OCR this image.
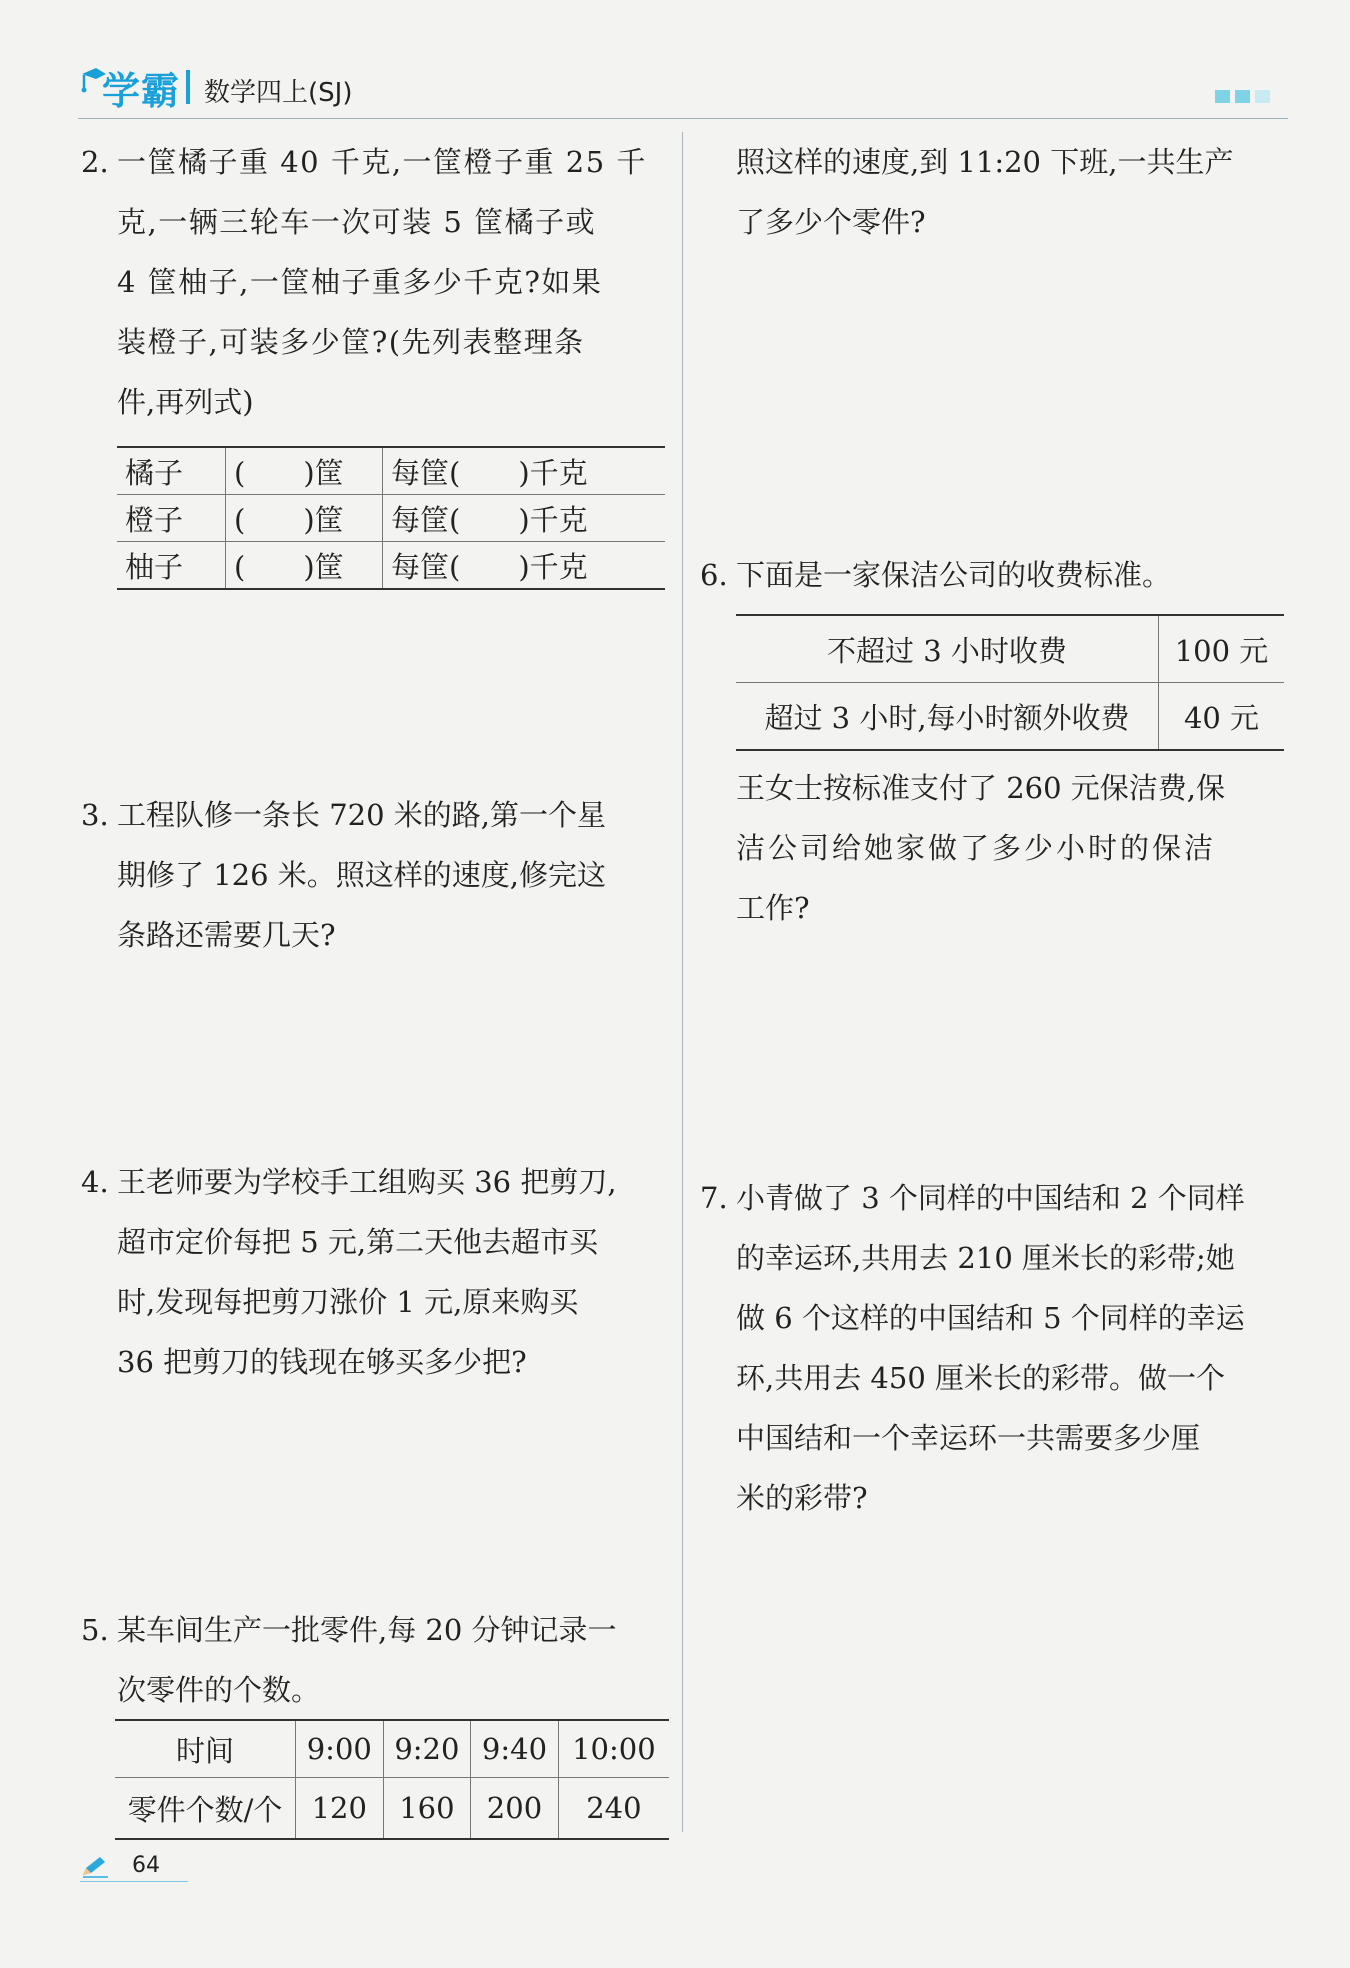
学霸 数学四上(SJ)
2. 一筐橘子重 40 千克,一筐橙子重 25 千

克,一辆三轮车一次可装 5 筐橘子或

4 筐柚子,一筐柚子重多少千克?如果

装橙子,可装多少筐?(先列表整理条

件,再列式)

橘子	(　　)筐	每筐(　　)千克
橙子	(　　)筐	每筐(　　)千克
柚子	(　　)筐	每筐(　　)千克
3. 工程队修一条长 720 米的路,第一个星

期修了 126 米。照这样的速度,修完这

条路还需要几天?

4. 王老师要为学校手工组购买 36 把剪刀,

超市定价每把 5 元,第二天他去超市买

时,发现每把剪刀涨价 1 元,原来购买

36 把剪刀的钱现在够买多少把?

5. 某车间生产一批零件,每 20 分钟记录一

次零件的个数。

时间	9:00	9:20	9:40	10:00
零件个数/个	120	160	200	240

照这样的速度,到 11:20 下班,一共生产

了多少个零件?

6. 下面是一家保洁公司的收费标准。

不超过 3 小时收费	100 元
超过 3 小时,每小时额外收费	40 元

王女士按标准支付了 260 元保洁费,保

洁公司给她家做了多少小时的保洁

工作?

7. 小青做了 3 个同样的中国结和 2 个同样

的幸运环,共用去 210 厘米长的彩带;她

做 6 个这样的中国结和 5 个同样的幸运

环,共用去 450 厘米长的彩带。做一个

中国结和一个幸运环一共需要多少厘

米的彩带?

64
